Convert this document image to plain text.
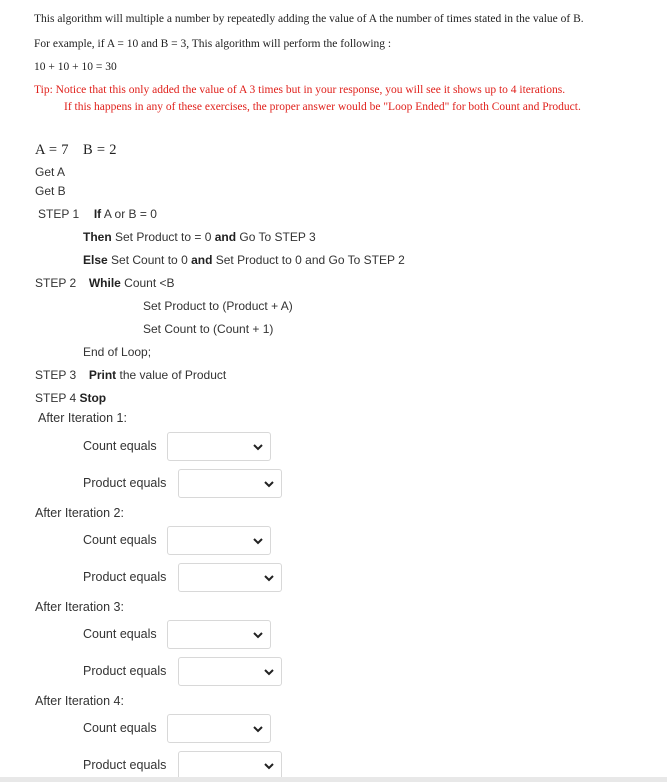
This algorithm will multiple a number by repeatedly adding the value of A the number of times stated in the value of B.
For example, if A = 10 and B = 3, This algorithm will perform the following :
10 + 10 + 10 = 30
Tip: Notice that this only added the value of A 3 times but in your response, you will see it shows up to 4 iterations.
If this happens in any of these exercises, the proper answer would be "Loop Ended" for both Count and Product.
A = 7 B = 2
Get A
Get B
STEP 1 If A or B = 0
Then Set Product to = 0 and Go To STEP 3
Else Set Count to 0 and Set Product to 0 and Go To STEP 2
STEP 2 While Count <B
Set Product to (Product + A)
Set Count to (Count + 1)
End of Loop;
STEP 3 Print the value of Product
STEP 4 Stop
After Iteration 1:
Count equals
Product equals
After Iteration 2:
Count equals
Product equals
After Iteration 3:
Count equals
Product equals
After Iteration 4:
Count equals
Product equals
